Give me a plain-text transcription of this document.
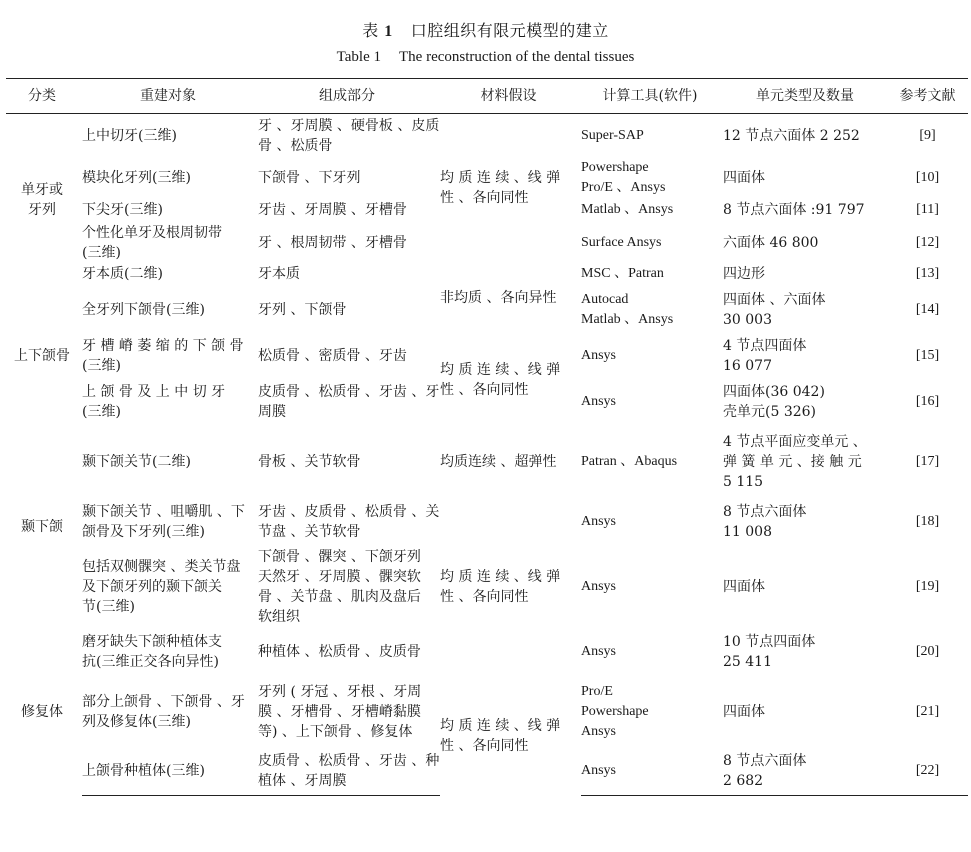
表 1 口腔组织有限元模型的建立
Table 1 The reconstruction of the dental tissues
分类	重建对象	组成部分	材料假设	计算工具(软件)	单元类型及数量	参考文献

单牙或
牙列	上中切牙(三维)	牙 、牙周膜 、硬骨板 、皮质
骨 、松质骨	均 质 连 续 、线 弹
性 、各向同性	Super-SAP	12 节点六面体 2 252	[9]

	模块化牙列(三维)	下颌骨 、下牙列		Powershape
Pro/E 、Ansys	四面体	[10]

	下尖牙(三维)	牙齿 、牙周膜 、牙槽骨		Matlab 、Ansys	8 节点六面体 :91 797	[11]

	个性化单牙及根周韧带
(三维)	牙 、根周韧带 、牙槽骨		Surface Ansys	六面体 46 800	[12]

	牙本质(二维)	牙本质	非均质 、各向异性	MSC 、Patran	四边形	[13]

上下颌骨	全牙列下颌骨(三维)	牙列 、下颌骨		Autocad
Matlab 、Ansys	四面体 、六面体
30 003	[14]

	牙 槽 嵴 萎 缩 的 下 颌 骨
(三维)	松质骨 、密质骨 、牙齿	均 质 连 续 、线 弹
性 、各向同性	Ansys	4 节点四面体
16 077	[15]

	上 颌 骨 及 上 中 切 牙
(三维)	皮质骨 、松质骨 、牙齿 、牙
周膜		Ansys	四面体(36 042)
壳单元(5 326)	[16]

颞下颌	颞下颌关节(二维)	骨板 、关节软骨	均质连续 、超弹性	Patran 、Abaqus	4 节点平面应变单元 、
弹 簧 单 元 、接 触 元
5 115	[17]

	颞下颌关节 、咀嚼肌 、下
颌骨及下牙列(三维)	牙齿 、皮质骨 、松质骨 、关
节盘 、关节软骨	均 质 连 续 、线 弹
性 、各向同性	Ansys	8 节点六面体
11 008	[18]

	包括双侧髁突 、类关节盘
及下颌牙列的颞下颌关
节(三维)	下颌骨 、髁突 、下颌牙列
天然牙 、牙周膜 、髁突软
骨 、关节盘 、肌肉及盘后
软组织		Ansys	四面体	[19]

修复体	磨牙缺失下颌种植体支
抗(三维正交各向异性)	种植体 、松质骨 、皮质骨		Ansys	10 节点四面体
25 411	[20]

	部分上颌骨 、下颌骨 、牙
列及修复体(三维)	牙列 ( 牙冠 、牙根 、牙周
膜 、牙槽骨 、牙槽嵴黏膜
等) 、上下颌骨 、修复体	均 质 连 续 、线 弹
性 、各向同性	Pro/E
Powershape
Ansys	四面体	[21]

	上颌骨种植体(三维)	皮质骨 、松质骨 、牙齿 、种
植体 、牙周膜		Ansys	8 节点六面体
2 682	[22]
